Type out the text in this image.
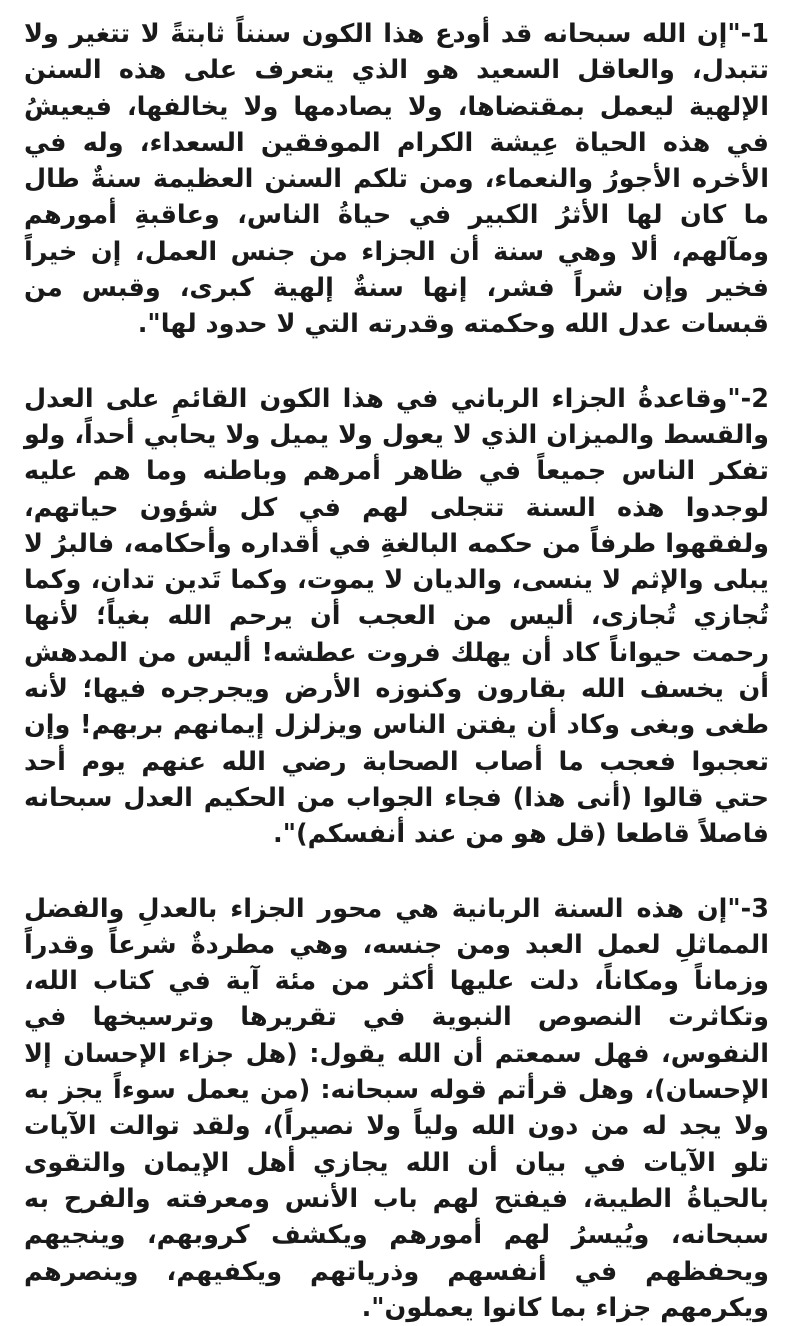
1-"إن الله سبحانه قد أودع هذا الكون سنناً ثابتةً لا تتغير ولا تتبدل، والعاقل السعيد هو الذي يتعرف على هذه السنن الإلهية ليعمل بمقتضاها، ولا يصادمها ولا يخالفها، فيعيشُ في هذه الحياة عِيشة الكرام الموفقين السعداء، وله في الأخره الأجورُ والنعماء، ومن تلكم السنن العظيمة سنةٌ طال ما كان لها الأثرُ الكبير في حياةُ الناس، وعاقبةِ أمورهم ومآلهم، ألا وهي سنة أن الجزاء من جنس العمل، إن خيراً فخير وإن شراً فشر، إنها سنةٌ إلهية كبرى، وقبس من قبسات عدل الله وحكمته وقدرته التي لا حدود لها".

2-"وقاعدةُ الجزاء الرباني في هذا الكون القائمِ على العدل والقسط والميزان الذي لا يعول ولا يميل ولا يحابي أحداً، ولو تفكر الناس جميعاً في ظاهر أمرهم وباطنه وما هم عليه لوجدوا هذه السنة تتجلى لهم في كل شؤون حياتهم، ولفقهوا طرفاً من حكمه البالغةِ في أقداره وأحكامه، فالبرُ لا يبلى والإثم لا ينسى، والديان لا يموت، وكما تَدين تدان، وكما تُجازي تُجازى، أليس من العجب أن يرحم الله بغياً؛ لأنها رحمت حيواناً كاد أن يهلك فروت عطشه! أليس من المدهش أن يخسف الله بقارون وكنوزه الأرض ويجرجره فيها؛ لأنه طغى وبغى وكاد أن يفتن الناس ويزلزل إيمانهم بربهم! وإن تعجبوا فعجب ما أصاب الصحابة رضي الله عنهم يوم أحد حتي قالوا (أنى هذا) فجاء الجواب من الحكيم العدل سبحانه فاصلاً قاطعا (قل هو من عند أنفسكم)".

3-"إن هذه السنة الربانية هي محور الجزاء بالعدلِ والفضل المماثلِ لعمل العبد ومن جنسه، وهي مطردةٌ شرعاً وقدراً وزماناً ومكاناً، دلت عليها أكثر من مئة آية في كتاب الله، وتكاثرت النصوص النبوية في تقريرها وترسيخها في النفوس، فهل سمعتم أن الله يقول: (هل جزاء الإحسان إلا الإحسان)، وهل قرأتم قوله سبحانه: (من يعمل سوءاً يجز به ولا يجد له من دون الله ولياً ولا نصيراً)، ولقد توالت الآيات تلو الآيات في بيان أن الله يجازي أهل الإيمان والتقوى بالحياةُ الطيبة، فيفتح لهم باب الأنس ومعرفته والفرح به سبحانه، ويُيسرُ لهم أمورهم ويكشف كروبهم، وينجيهم ويحفظهم في أنفسهم وذرياتهم ويكفيهم، وينصرهم ويكرمهم جزاء بما كانوا يعملون".
